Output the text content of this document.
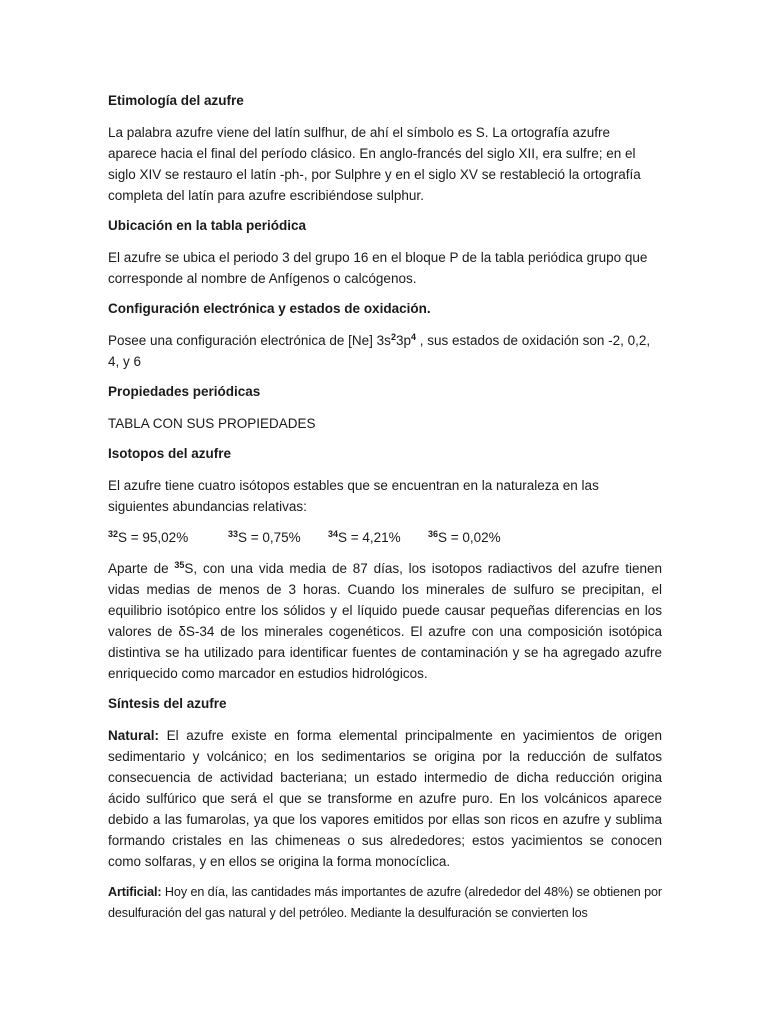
Etimología del azufre

La palabra azufre viene del latín sulfhur, de ahí el símbolo es S. La ortografía azufre aparece hacia el final del período clásico. En anglo-francés del siglo XII, era sulfre; en el siglo XIV se restauro el latín -ph-, por Sulphre y en el siglo XV se restableció la ortografía completa del latín para azufre escribiéndose sulphur.

Ubicación en la tabla periódica

El azufre se ubica el periodo 3 del grupo 16 en el bloque P de la tabla periódica grupo que corresponde al nombre de Anfígenos o calcógenos.

Configuración electrónica y estados de oxidación.

Posee una configuración electrónica de [Ne] $3s^23p^4$ , sus estados de oxidación son -2, 0,2, 4, y 6

Propiedades periódicas

TABLA CON SUS PROPIEDADES

Isotopos del azufre

El azufre tiene cuatro isótopos estables que se encuentran en la naturaleza en las siguientes abundancias relativas:

$^{32}$S = 95,02%	$^{33}$S = 0,75%	$^{34}$S = 4,21%	$^{36}$S = 0,02%

Aparte de $^{35}$S, con una vida media de 87 días, los isotopos radiactivos del azufre tienen vidas medias de menos de 3 horas. Cuando los minerales de sulfuro se precipitan, el equilibrio isotópico entre los sólidos y el líquido puede causar pequeñas diferencias en los valores de δS-34 de los minerales cogenéticos. El azufre con una composición isotópica distintiva se ha utilizado para identificar fuentes de contaminación y se ha agregado azufre enriquecido como marcador en estudios hidrológicos.

Síntesis del azufre

Natural: El azufre existe en forma elemental principalmente en yacimientos de origen sedimentario y volcánico; en los sedimentarios se origina por la reducción de sulfatos consecuencia de actividad bacteriana; un estado intermedio de dicha reducción origina ácido sulfúrico que será el que se transforme en azufre puro. En los volcánicos aparece debido a las fumarolas, ya que los vapores emitidos por ellas son ricos en azufre y sublima formando cristales en las chimeneas o sus alrededores; estos yacimientos se conocen como solfaras, y en ellos se origina la forma monocíclica.

Artificial: Hoy en día, las cantidades más importantes de azufre (alrededor del 48%) se obtienen por desulfuración del gas natural y del petróleo. Mediante la desulfuración se convierten los
